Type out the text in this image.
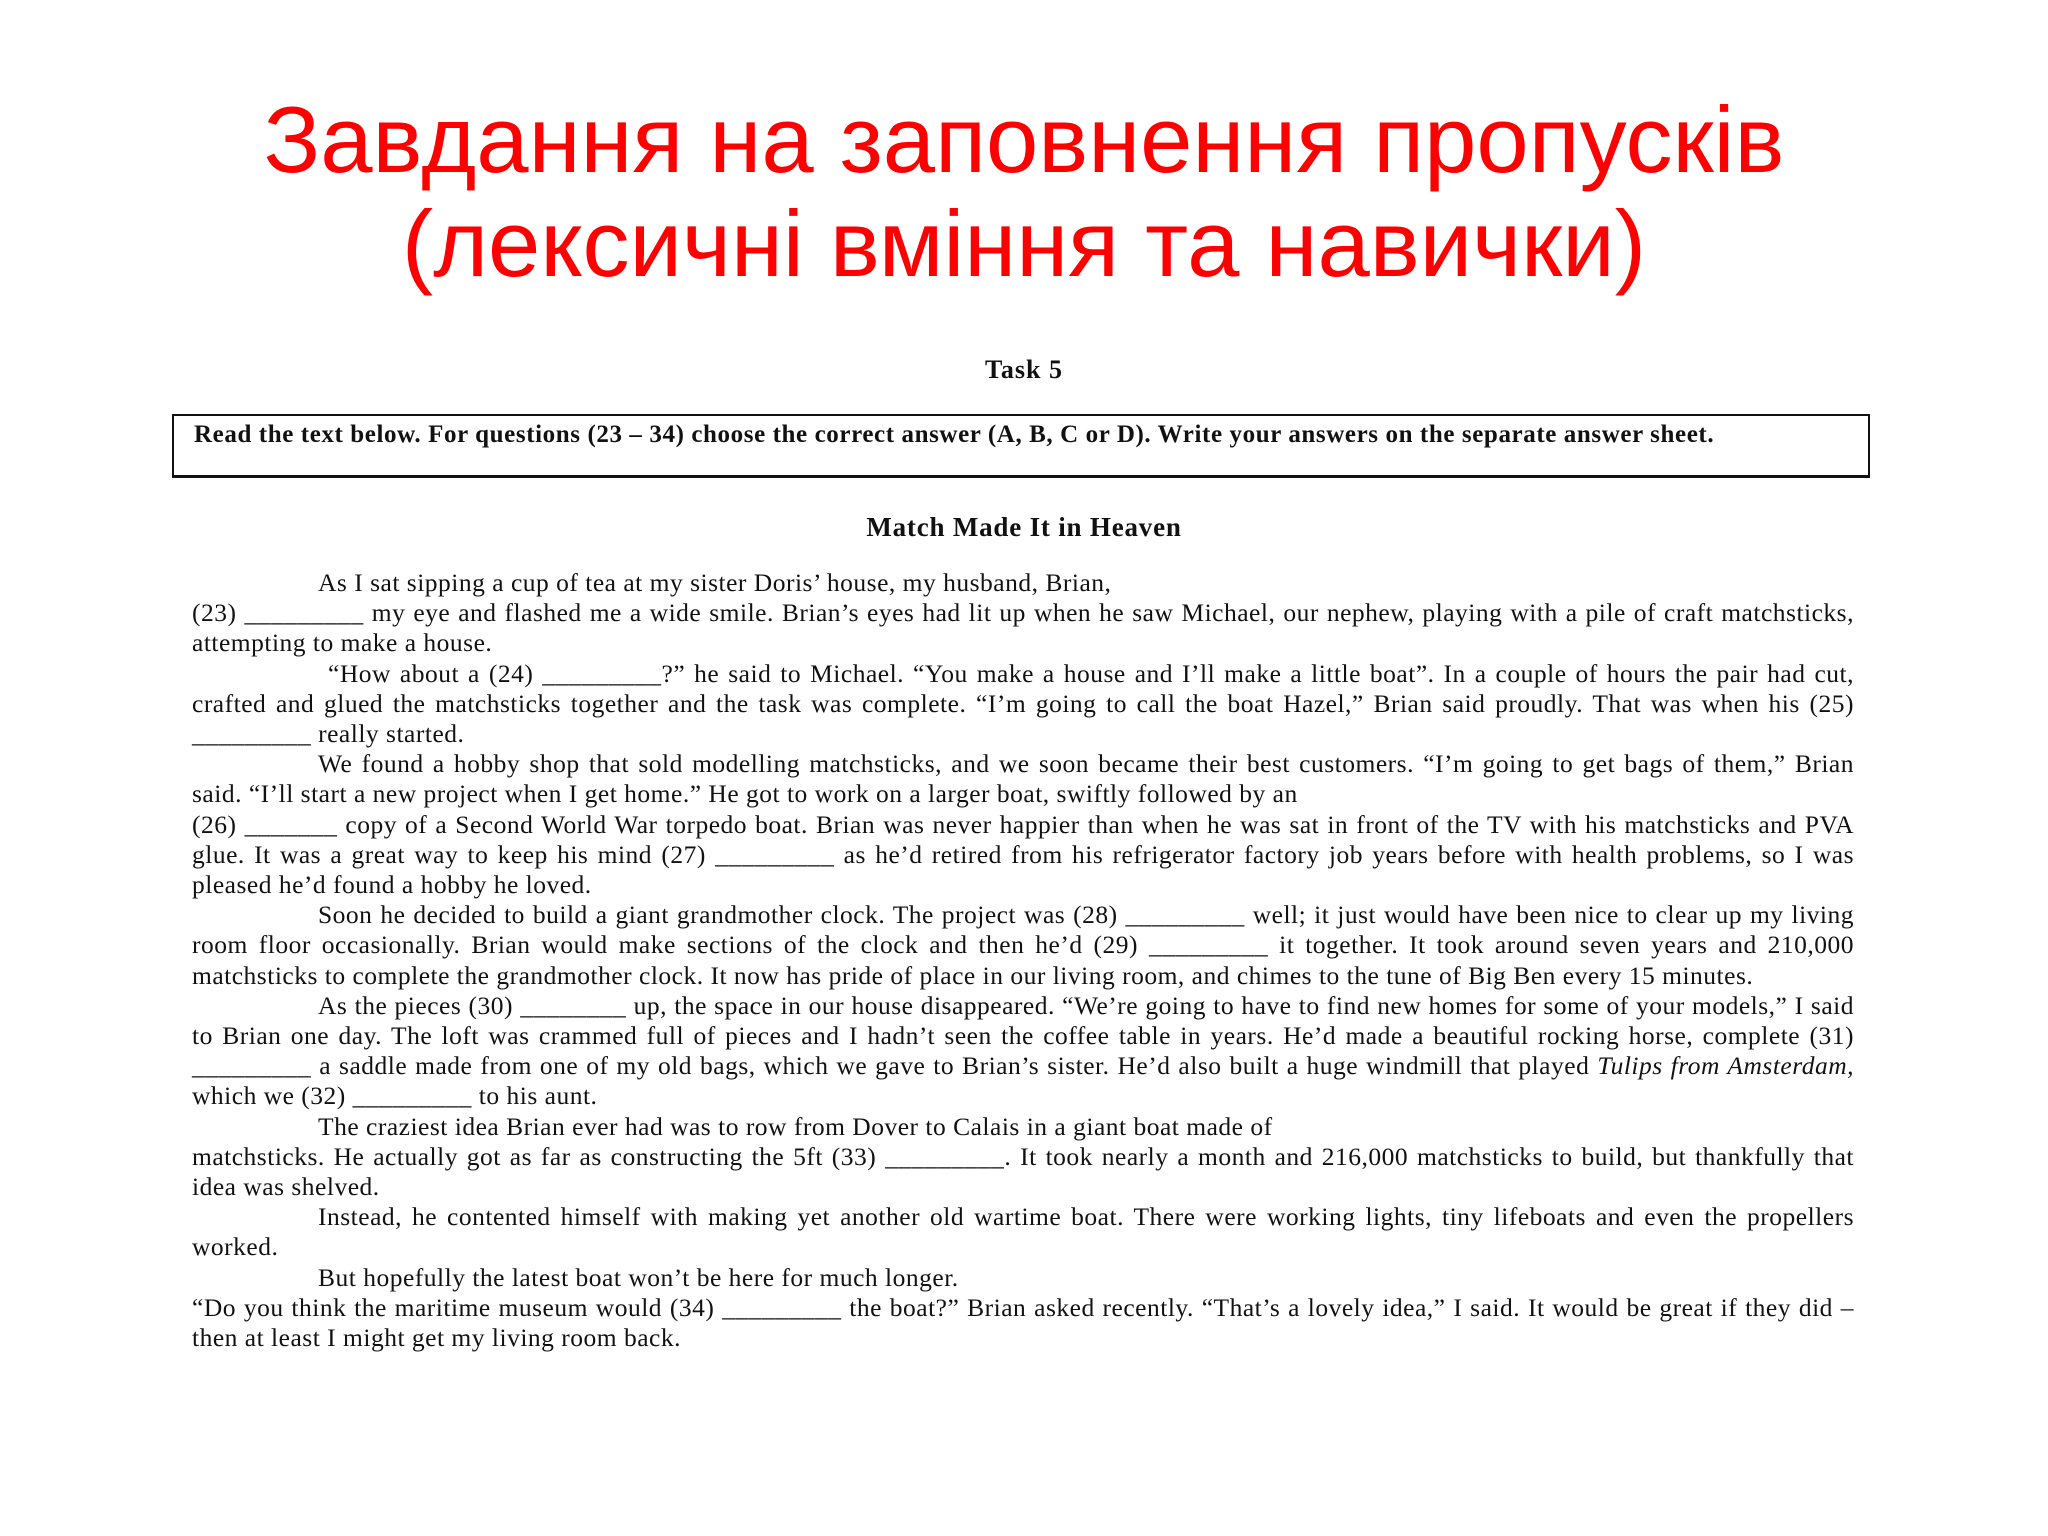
Завдання на заповнення пропусків
(лексичні вміння та навички)
Task 5
Read the text below. For questions (23 – 34) choose the correct answer (A, B, C or D). Write your answers on the separate answer sheet.
Match Made It in Heaven

As I sat sipping a cup of tea at my sister Doris’ house, my husband, Brian,

(23) _________ my eye and flashed me a wide smile. Brian’s eyes had lit up when he saw Michael, our nephew, playing with a pile of craft matchsticks, attempting to make a house.

“How about a (24) _________?” he said to Michael. “You make a house and I’ll make a little boat”. In a couple of hours the pair had cut, crafted and glued the matchsticks together and the task was complete. “I’m going to call the boat Hazel,” Brian said proudly. That was when his (25) _________ really started.

We found a hobby shop that sold modelling matchsticks, and we soon became their best customers. “I’m going to get bags of them,” Brian said. “I’ll start a new project when I get home.” He got to work on a larger boat, swiftly followed by an

(26) _______ copy of a Second World War torpedo boat. Brian was never happier than when he was sat in front of the TV with his matchsticks and PVA glue. It was a great way to keep his mind (27) _________ as he’d retired from his refrigerator factory job years before with health problems, so I was pleased he’d found a hobby he loved.

Soon he decided to build a giant grandmother clock. The project was (28) _________ well; it just would have been nice to clear up my living room floor occasionally. Brian would make sections of the clock and then he’d (29) _________ it together. It took around seven years and 210,000 matchsticks to complete the grandmother clock. It now has pride of place in our living room, and chimes to the tune of Big Ben every 15 minutes.

As the pieces (30) ________ up, the space in our house disappeared. “We’re going to have to find new homes for some of your models,” I said to Brian one day. The loft was crammed full of pieces and I hadn’t seen the coffee table in years. He’d made a beautiful rocking horse, complete (31) _________ a saddle made from one of my old bags, which we gave to Brian’s sister. He’d also built a huge windmill that played Tulips from Amsterdam, which we (32) _________ to his aunt.

The craziest idea Brian ever had was to row from Dover to Calais in a giant boat made of

matchsticks. He actually got as far as constructing the 5ft (33) _________. It took nearly a month and 216,000 matchsticks to build, but thankfully that idea was shelved.

Instead, he contented himself with making yet another old wartime boat. There were working lights, tiny lifeboats and even the propellers worked.

But hopefully the latest boat won’t be here for much longer.

“Do you think the maritime museum would (34) _________ the boat?” Brian asked recently. “That’s a lovely idea,” I said. It would be great if they did – then at least I might get my living room back.
